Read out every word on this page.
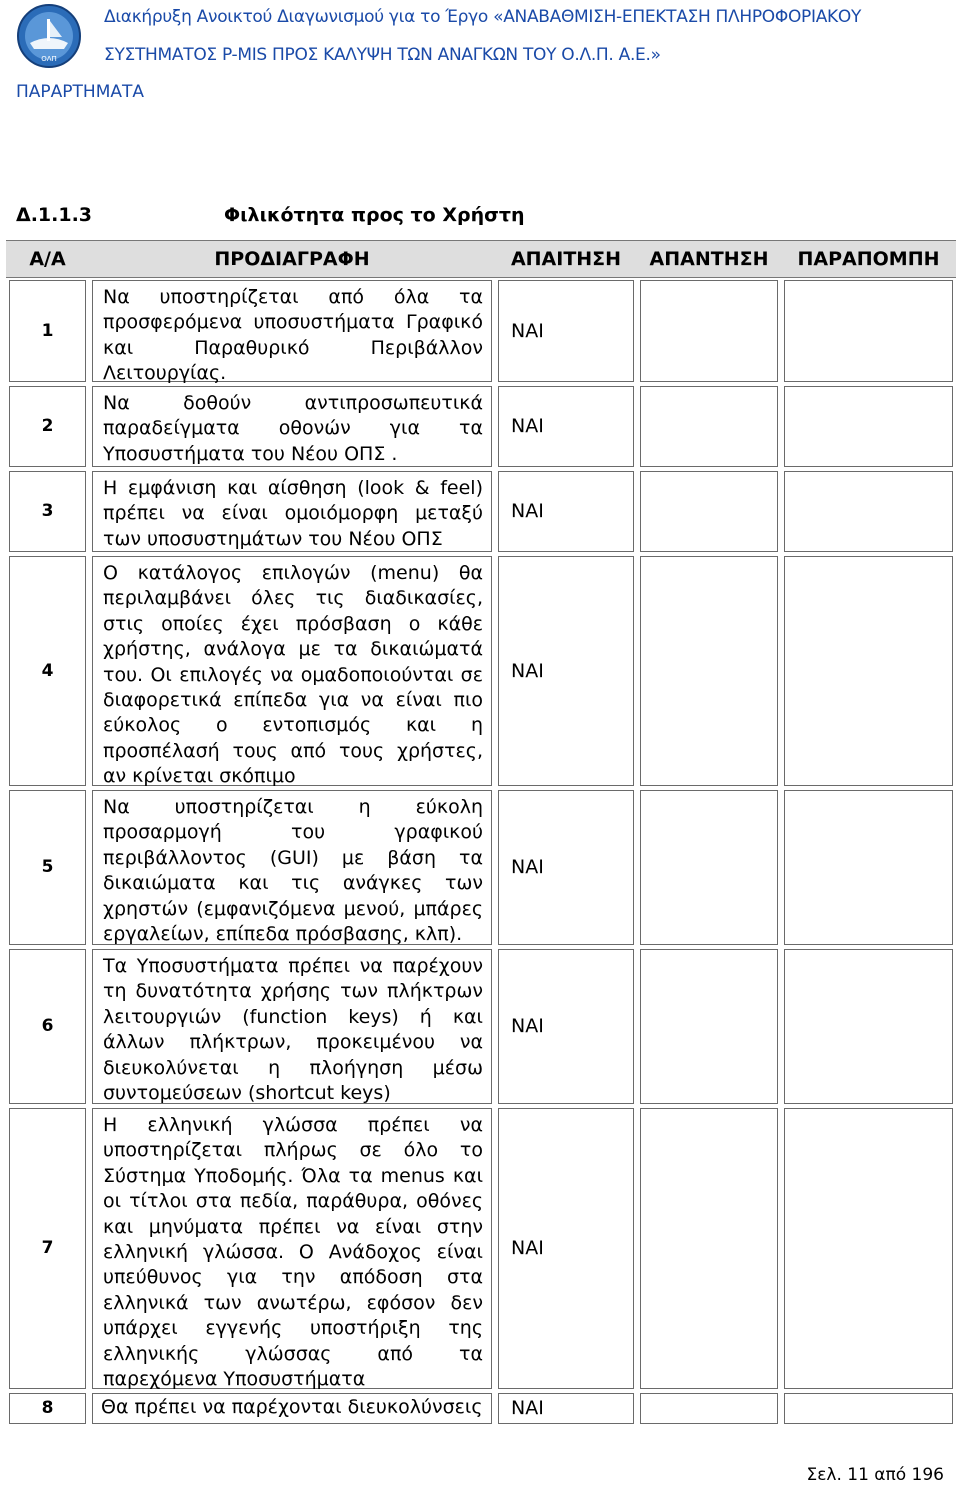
ΟΛΠ
Διακήρυξη Ανοικτού Διαγωνισμού για το Έργο «ΑΝΑΒΑΘΜΙΣΗ-ΕΠΕΚΤΑΣΗ ΠΛΗΡΟΦΟΡΙΑΚΟΥ
ΣΥΣΤΗΜΑΤΟΣ P-MIS ΠΡΟΣ ΚΑΛΥΨΗ ΤΩΝ ΑΝΑΓΚΩΝ ΤΟΥ Ο.Λ.Π. Α.Ε.»
ΠΑΡΑΡΤΗΜΑΤΑ
Δ.1.1.3	Φιλικότητα προς το Χρήστη
Α/Α	ΠΡΟΔΙΑΓΡΑΦΗ	ΑΠΑΙΤΗΣΗ	ΑΠΑΝΤΗΣΗ	ΠΑΡΑΠΟΜΠΗ

1	Να υποστηρίζεται από όλα τα προσφερόμενα υποσυστήματα Γραφικό και Παραθυρικό Περιβάλλον Λειτουργίας.	ΝΑΙ		

2	Να δοθούν αντιπροσωπευτικά παραδείγματα οθονών για τα Υποσυστήματα του Νέου ΟΠΣ .	ΝΑΙ		

3	Η εμφάνιση και αίσθηση (look & feel) πρέπει να είναι ομοιόμορφη μεταξύ των υποσυστημάτων του Νέου ΟΠΣ	ΝΑΙ		

4	Ο κατάλογος επιλογών (menu) θα περιλαμβάνει όλες τις διαδικασίες, στις οποίες έχει πρόσβαση ο κάθε χρήστης, ανάλογα με τα δικαιώματά του. Οι επιλογές να ομαδοποιούνται σε διαφορετικά επίπεδα για να είναι πιο εύκολος ο εντοπισμός και η προσπέλασή τους από τους χρήστες, αν κρίνεται σκόπιμο	ΝΑΙ		

5	Να υποστηρίζεται η εύκολη προσαρμογή του γραφικού περιβάλλοντος (GUI) με βάση τα δικαιώματα και τις ανάγκες των χρηστών (εμφανιζόμενα μενού, μπάρες εργαλείων, επίπεδα πρόσβασης, κλπ).	ΝΑΙ		

6	Τα Υποσυστήματα πρέπει να παρέχουν τη δυνατότητα χρήσης των πλήκτρων λειτουργιών (function keys) ή και άλλων πλήκτρων, προκειμένου να διευκολύνεται η πλοήγηση μέσω συντομεύσεων (shortcut keys)	ΝΑΙ		

7	Η ελληνική γλώσσα πρέπει να υποστηρίζεται πλήρως σε όλο το Σύστημα Υποδομής. Όλα τα menus και οι τίτλοι στα πεδία, παράθυρα, οθόνες και μηνύματα πρέπει να είναι στην ελληνική γλώσσα. Ο Ανάδοχος είναι υπεύθυνος για την απόδοση στα ελληνικά των ανωτέρω, εφόσον δεν υπάρχει εγγενής υποστήριξη της ελληνικής γλώσσας από τα παρεχόμενα Υποσυστήματα	ΝΑΙ		

8	Θα πρέπει να παρέχονται διευκολύνσεις	ΝΑΙ		

Σελ. 11 από 196
